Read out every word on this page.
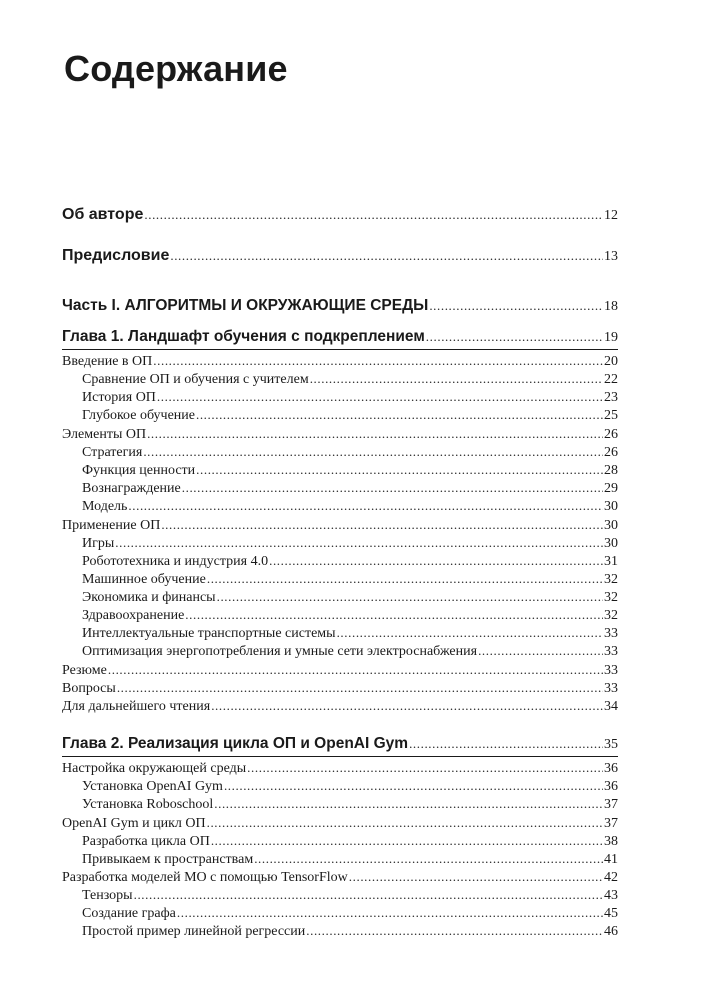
Содержание
Об авторе .....	12
Предисловие .....	13
Часть I. АЛГОРИТМЫ И ОКРУЖАЮЩИЕ СРЕДЫ .....	18
Глава 1. Ландшафт обучения с подкреплением .....	19
Введение в ОП .....	20
Сравнение ОП и обучения с учителем .....	22
История ОП .....	23
Глубокое обучение .....	25
Элементы ОП .....	26
Стратегия .....	26
Функция ценности .....	28
Вознаграждение .....	29
Модель .....	30
Применение ОП .....	30
Игры .....	30
Робототехника и индустрия 4.0 .....	31
Машинное обучение .....	32
Экономика и финансы .....	32
Здравоохранение .....	32
Интеллектуальные транспортные системы .....	33
Оптимизация энергопотребления и умные сети электроснабжения .....	33
Резюме .....	33
Вопросы .....	33
Для дальнейшего чтения .....	34
Глава 2. Реализация цикла ОП и OpenAI Gym .....	35
Настройка окружающей среды .....	36
Установка OpenAI Gym .....	36
Установка Roboschool .....	37
OpenAI Gym и цикл ОП .....	37
Разработка цикла ОП .....	38
Привыкаем к пространствам .....	41
Разработка моделей МО с помощью TensorFlow .....	42
Тензоры .....	43
Создание графа .....	45
Простой пример линейной регрессии .....	46
